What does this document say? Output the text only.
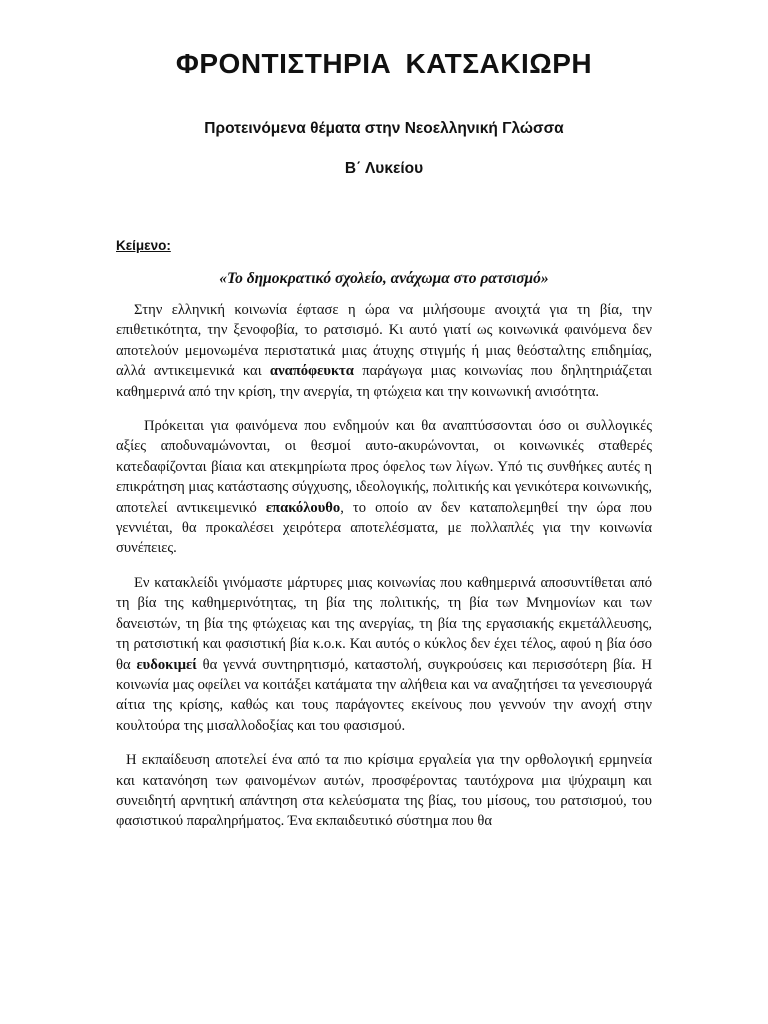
ΦΡΟΝΤΙΣΤΗΡΙΑ ΚΑΤΣΑΚΙΩΡΗ
Προτεινόμενα θέματα στην Νεοελληνική Γλώσσα
Β΄ Λυκείου
Κείμενο:
«Το δημοκρατικό σχολείο, ανάχωμα στο ρατσισμό»

Στην ελληνική κοινωνία έφτασε η ώρα να μιλήσουμε ανοιχτά για τη βία, την επιθετικότητα, την ξενοφοβία, το ρατσισμό. Κι αυτό γιατί ως κοινωνικά φαινόμενα δεν αποτελούν μεμονωμένα περιστατικά μιας άτυχης στιγμής ή μιας θεόσταλτης επιδημίας, αλλά αντικειμενικά και αναπόφευκτα παράγωγα μιας κοινωνίας που δηλητηριάζεται καθημερινά από την κρίση, την ανεργία, τη φτώχεια και την κοινωνική ανισότητα.

Πρόκειται για φαινόμενα που ενδημούν και θα αναπτύσσονται όσο οι συλλογικές αξίες αποδυναμώνονται, οι θεσμοί αυτο-ακυρώνονται, οι κοινωνικές σταθερές κατεδαφίζονται βίαια και ατεκμηρίωτα προς όφελος των λίγων. Υπό τις συνθήκες αυτές η επικράτηση μιας κατάστασης σύγχυσης, ιδεολογικής, πολιτικής και γενικότερα κοινωνικής, αποτελεί αντικειμενικό επακόλουθο, το οποίο αν δεν καταπολεμηθεί την ώρα που γεννιέται, θα προκαλέσει χειρότερα αποτελέσματα, με πολλαπλές για την κοινωνία συνέπειες.

Εν κατακλείδι γινόμαστε μάρτυρες μιας κοινωνίας που καθημερινά αποσυντίθεται από τη βία της καθημερινότητας, τη βία της πολιτικής, τη βία των Μνημονίων και των δανειστών, τη βία της φτώχειας και της ανεργίας, τη βία της εργασιακής εκμετάλλευσης, τη ρατσιστική και φασιστική βία κ.ο.κ. Και αυτός ο κύκλος δεν έχει τέλος, αφού η βία όσο θα ευδοκιμεί θα γεννά συντηρητισμό, καταστολή, συγκρούσεις και περισσότερη βία. Η κοινωνία μας οφείλει να κοιτάξει κατάματα την αλήθεια και να αναζητήσει τα γενεσιουργά αίτια της κρίσης, καθώς και τους παράγοντες εκείνους που γεννούν την ανοχή στην κουλτούρα της μισαλλοδοξίας και του φασισμού.

Η εκπαίδευση αποτελεί ένα από τα πιο κρίσιμα εργαλεία για την ορθολογική ερμηνεία και κατανόηση των φαινομένων αυτών, προσφέροντας ταυτόχρονα μια ψύχραιμη και συνειδητή αρνητική απάντηση στα κελεύσματα της βίας, του μίσους, του ρατσισμού, του φασιστικού παραληρήματος. Ένα εκπαιδευτικό σύστημα που θα
